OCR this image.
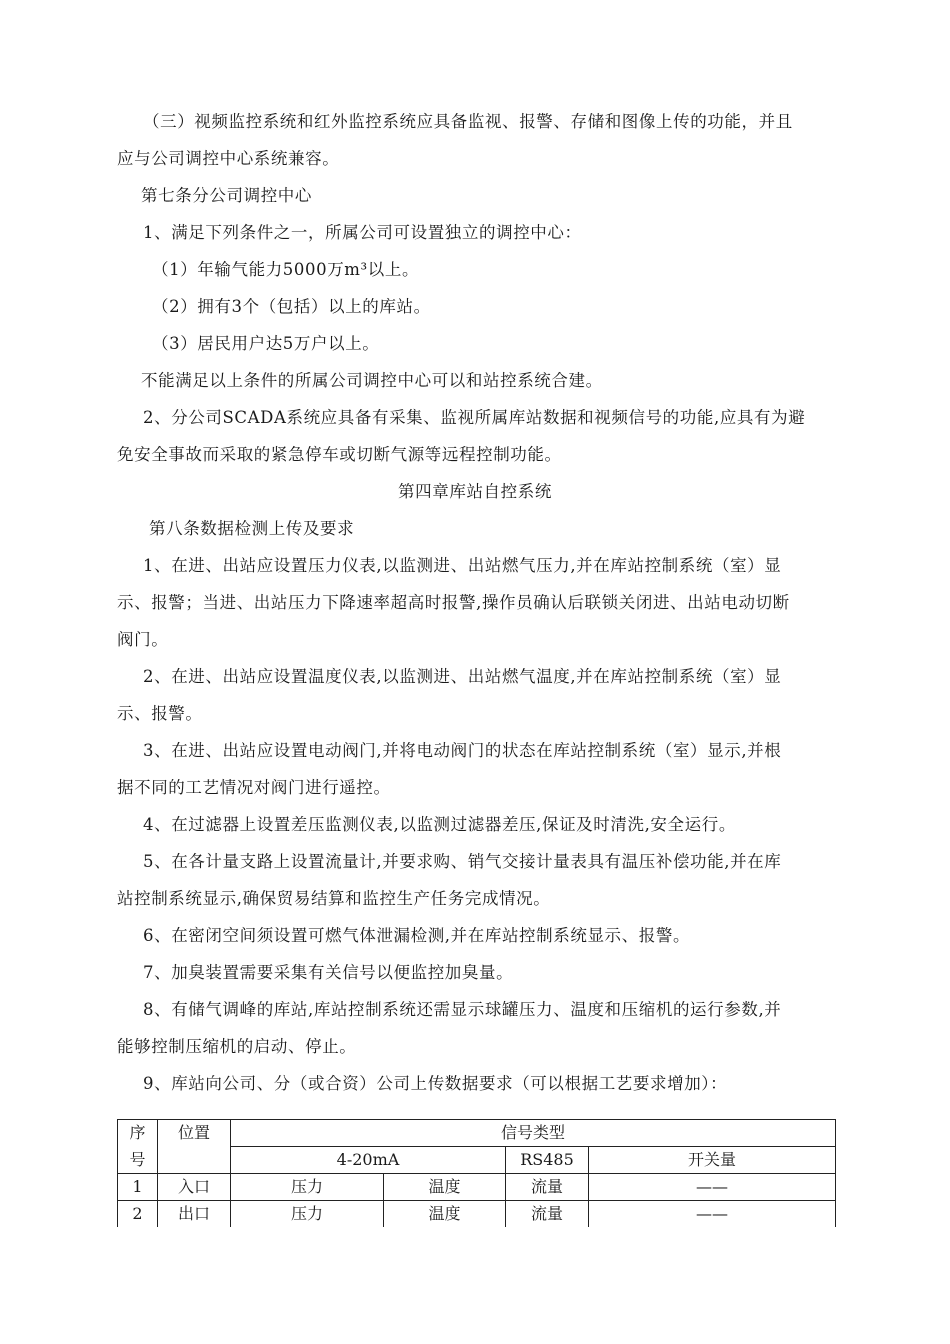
（三）视频监控系统和红外监控系统应具备监视、报警、存储和图像上传的功能，并且
应与公司调控中心系统兼容。
第七条分公司调控中心
1、满足下列条件之一，所属公司可设置独立的调控中心：
（1）年输气能力5000万m³以上。
（2）拥有3个（包括）以上的库站。
（3）居民用户达5万户以上。
不能满足以上条件的所属公司调控中心可以和站控系统合建。
2、分公司SCADA系统应具备有采集、监视所属库站数据和视频信号的功能,应具有为避
免安全事故而采取的紧急停车或切断气源等远程控制功能。
第四章库站自控系统
第八条数据检测上传及要求
1、在进、出站应设置压力仪表,以监测进、出站燃气压力,并在库站控制系统（室）显
示、报警；当进、出站压力下降速率超高时报警,操作员确认后联锁关闭进、出站电动切断
阀门。
2、在进、出站应设置温度仪表,以监测进、出站燃气温度,并在库站控制系统（室）显
示、报警。
3、在进、出站应设置电动阀门,并将电动阀门的状态在库站控制系统（室）显示,并根
据不同的工艺情况对阀门进行遥控。
4、在过滤器上设置差压监测仪表,以监测过滤器差压,保证及时清洗,安全运行。
5、在各计量支路上设置流量计,并要求购、销气交接计量表具有温压补偿功能,并在库
站控制系统显示,确保贸易结算和监控生产任务完成情况。
6、在密闭空间须设置可燃气体泄漏检测,并在库站控制系统显示、报警。
7、加臭装置需要采集有关信号以便监控加臭量。
8、有储气调峰的库站,库站控制系统还需显示球罐压力、温度和压缩机的运行参数,并
能够控制压缩机的启动、停止。
9、库站向公司、分（或合资）公司上传数据要求（可以根据工艺要求增加）：
序	位置	信号类型			
号		4-20mA		RS485	开关量
1	入口	压力	温度	流量	——
2	出口	压力	温度	流量	——
